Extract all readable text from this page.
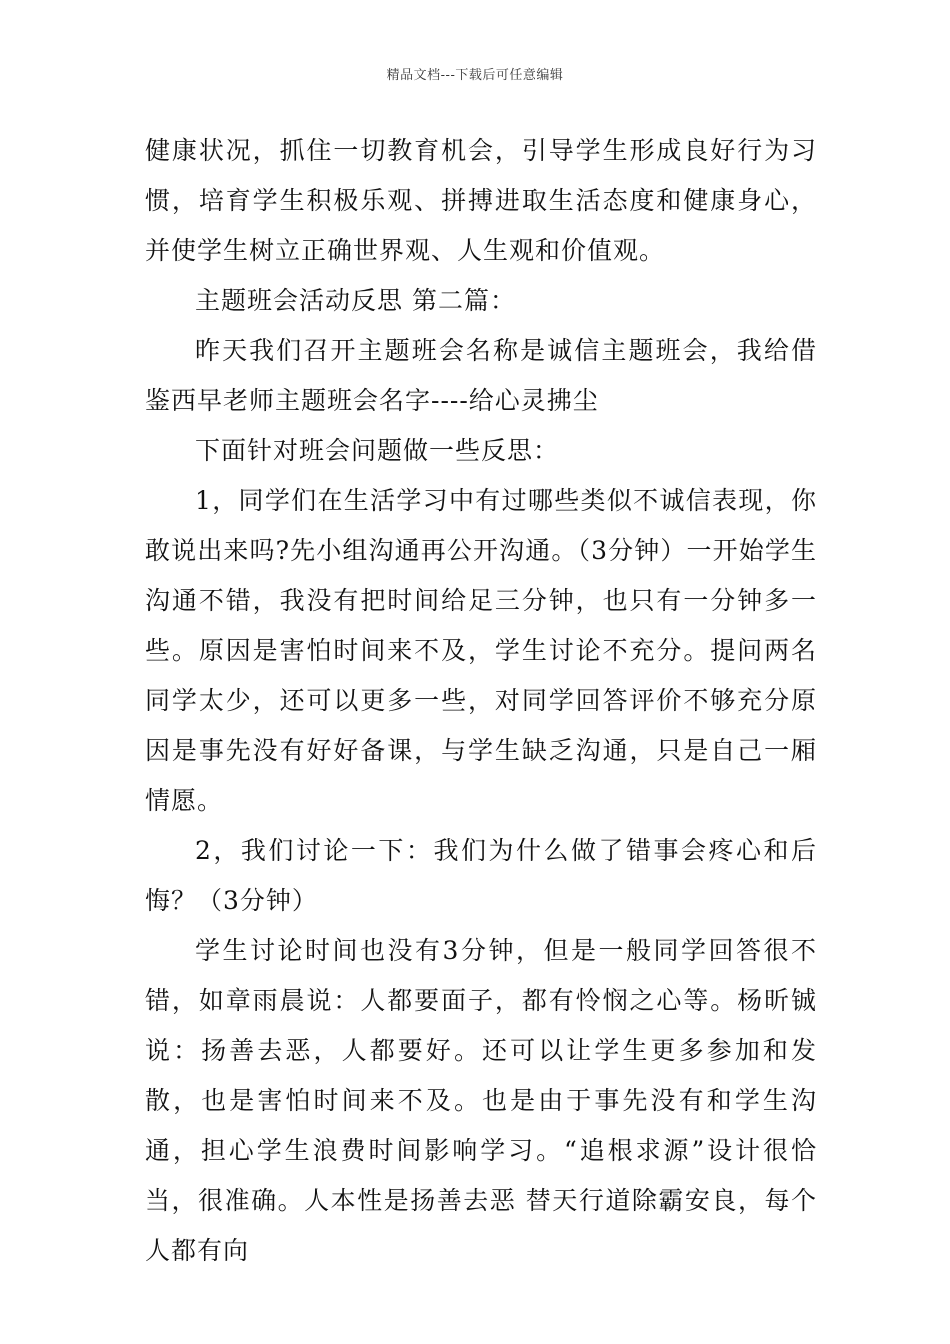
精品文档---下载后可任意编辑

健康状况，抓住一切教育机会，引导学生形成良好行为习惯，培育学生积极乐观、拼搏进取生活态度和健康身心，并使学生树立正确世界观、人生观和价值观。

主题班会活动反思 第二篇：

昨天我们召开主题班会名称是诚信主题班会，我给借鉴西早老师主题班会名字----给心灵拂尘

下面针对班会问题做一些反思：

1，同学们在生活学习中有过哪些类似不诚信表现，你敢说出来吗?先小组沟通再公开沟通。（3分钟）一开始学生沟通不错，我没有把时间给足三分钟，也只有一分钟多一些。原因是害怕时间来不及，学生讨论不充分。提问两名同学太少，还可以更多一些，对同学回答评价不够充分原因是事先没有好好备课，与学生缺乏沟通，只是自己一厢情愿。

2，我们讨论一下：我们为什么做了错事会疼心和后悔？（3分钟）

学生讨论时间也没有3分钟，但是一般同学回答很不错，如章雨晨说：人都要面子，都有怜悯之心等。杨昕铖说：扬善去恶，人都要好。还可以让学生更多参加和发散，也是害怕时间来不及。也是由于事先没有和学生沟通，担心学生浪费时间影响学习。“追根求源”设计很恰当，很准确。人本性是扬善去恶 替天行道除霸安良，每个人都有向
